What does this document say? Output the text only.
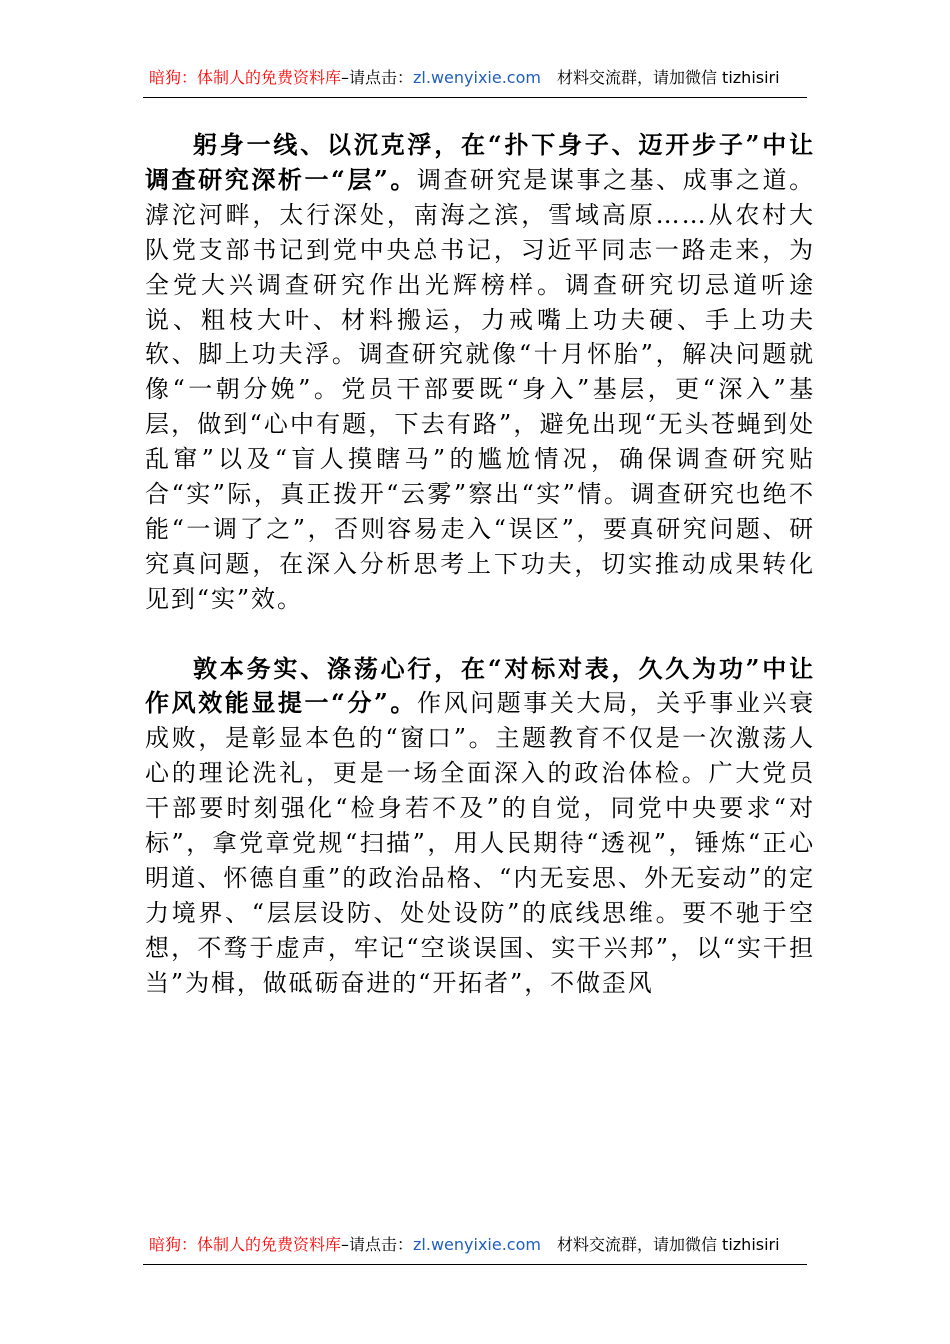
暗狗：体制人的免费资料库–请点击：zl.wenyixie.com 材料交流群，请加微信 tizhisiri

躬身一线、以沉克浮，在“扑下身子、迈开步子”中让调查研究深析一“层”。调查研究是谋事之基、成事之道。滹沱河畔，太行深处，南海之滨，雪域高原……从农村大队党支部书记到党中央总书记，习近平同志一路走来，为全党大兴调查研究作出光辉榜样。调查研究切忌道听途说、粗枝大叶、材料搬运，力戒嘴上功夫硬、手上功夫软、脚上功夫浮。调查研究就像“十月怀胎”，解决问题就像“一朝分娩”。党员干部要既“身入”基层，更“深入”基层，做到“心中有题，下去有路”，避免出现“无头苍蝇到处乱窜”以及“盲人摸瞎马”的尴尬情况，确保调查研究贴合“实”际，真正拨开“云雾”察出“实”情。调查研究也绝不能“一调了之”，否则容易走入“误区”，要真研究问题、研究真问题，在深入分析思考上下功夫，切实推动成果转化见到“实”效。

敦本务实、涤荡心行，在“对标对表，久久为功”中让作风效能显提一“分”。作风问题事关大局，关乎事业兴衰成败，是彰显本色的“窗口”。主题教育不仅是一次激荡人心的理论洗礼，更是一场全面深入的政治体检。广大党员干部要时刻强化“检身若不及”的自觉，同党中央要求“对标”，拿党章党规“扫描”，用人民期待“透视”，锤炼“正心明道、怀德自重”的政治品格、“内无妄思、外无妄动”的定力境界、“层层设防、处处设防”的底线思维。要不驰于空想，不骛于虚声，牢记“空谈误国、实干兴邦”，以“实干担当”为楫，做砥砺奋进的“开拓者”，不做歪风

暗狗：体制人的免费资料库–请点击：zl.wenyixie.com 材料交流群，请加微信 tizhisiri
